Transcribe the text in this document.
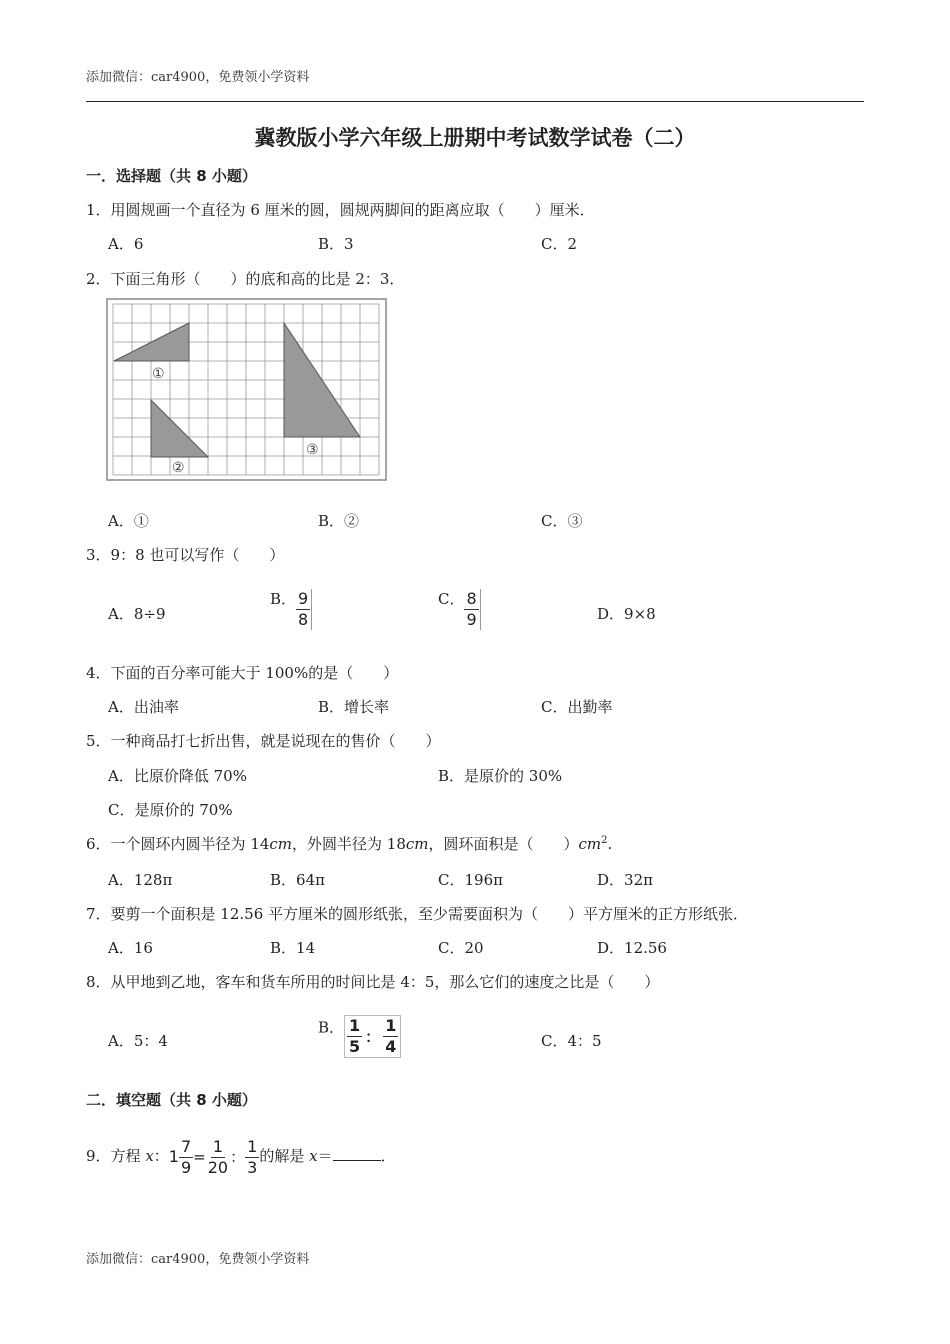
添加微信：car4900，免费领小学资料
冀教版小学六年级上册期中考试数学试卷（二）
一．选择题（共 8 小题）
1．用圆规画一个直径为 6 厘米的圆，圆规两脚间的距离应取（　　）厘米．
A．6	B．3	C．2
2．下面三角形（　　）的底和高的比是 2：3．
①
②
③
A．①	B．②	C．③
3．9：8 也可以写作（　　）
A．8÷9
B． $\frac{9}{8}$	C． $\frac{8}{9}$	D．9×8
4．下面的百分率可能大于 100%的是（　　）
A．出油率	B．增长率	C．出勤率
5．一种商品打七折出售，就是说现在的售价（　　）
A．比原价降低 70%	B．是原价的 30%
C．是原价的 70%
6．一个圆环内圆半径为 14cm，外圆半径为 18cm，圆环面积是（　　）$cm^2$.
A．128π	B．64π	C．196π	D．32π
7．要剪一个面积是 12.56 平方厘米的圆形纸张，至少需要面积为（　　）平方厘米的正方形纸张．
A．16	B．14	C．20	D．12.56
8．从甲地到乙地，客车和货车所用的时间比是 4：5，那么它们的速度之比是（　　）
A．5：4
B． $\frac{1}{5}$ ： $\frac{1}{4}$	C．4：5
二．填空题（共 8 小题）
9．方程 x：$1 \frac{7}{9} = \frac{1}{20}$ ： $\frac{1}{3}$ 的解是 x＝	．
添加微信：car4900，免费领小学资料
